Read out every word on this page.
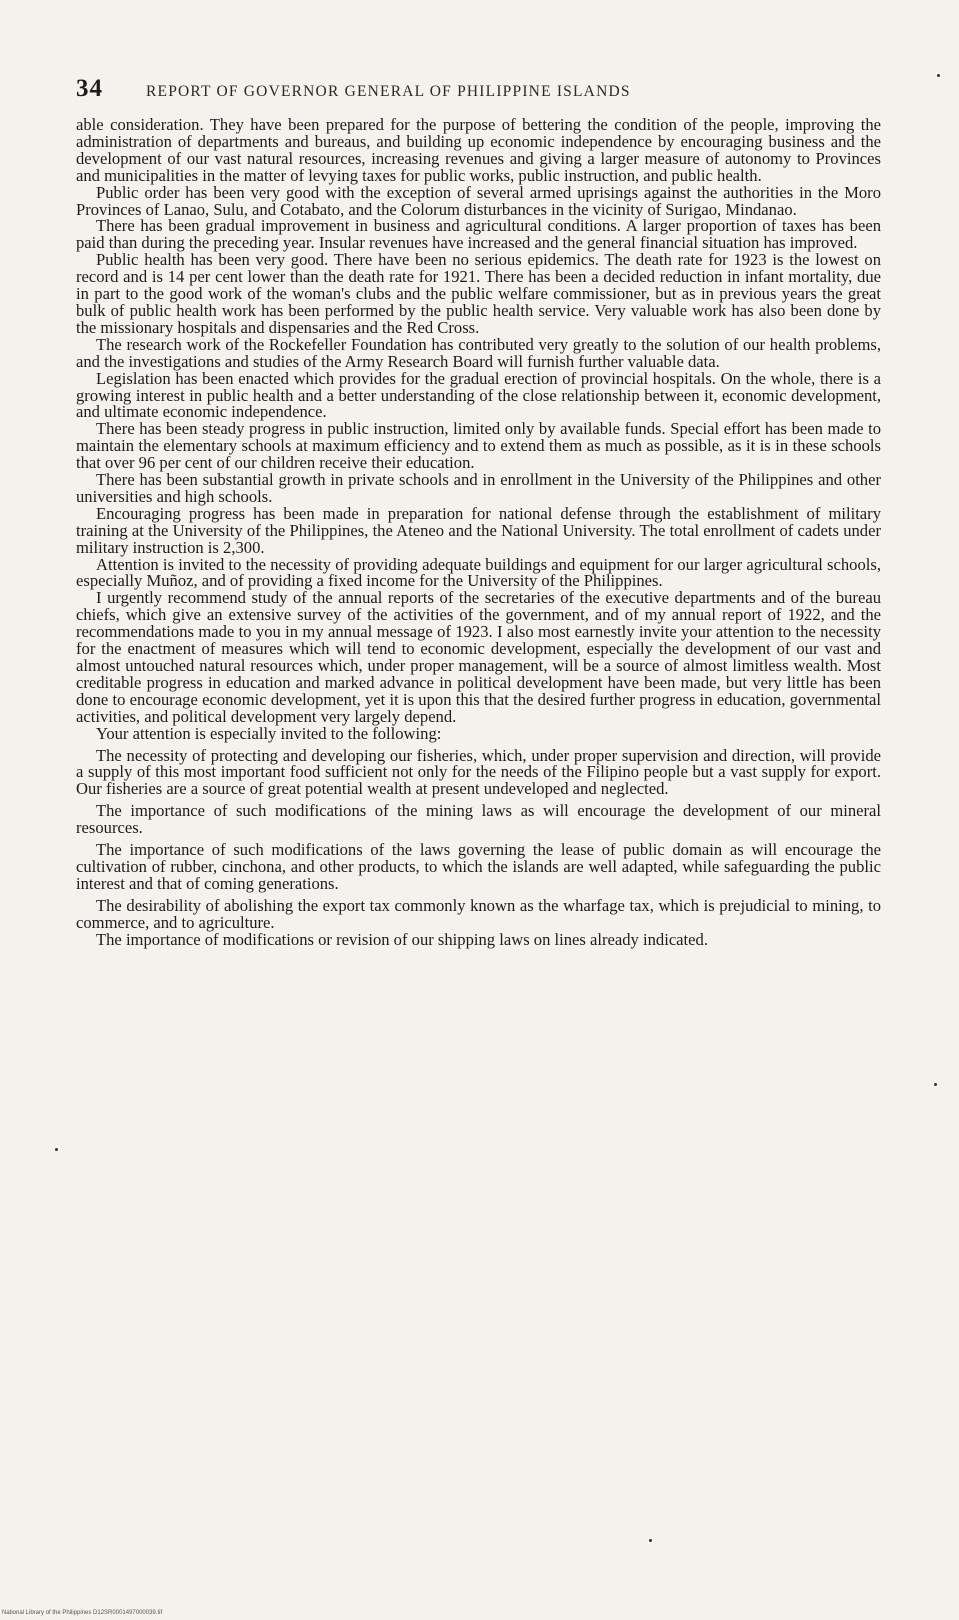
34	REPORT OF GOVERNOR GENERAL OF PHILIPPINE ISLANDS

able consideration. They have been prepared for the purpose of bettering the condition of the people, improving the administration of departments and bureaus, and building up economic independence by encouraging business and the development of our vast natural resources, increasing revenues and giving a larger measure of autonomy to Provinces and municipalities in the matter of levying taxes for public works, public instruction, and public health.

Public order has been very good with the exception of several armed uprisings against the authorities in the Moro Provinces of Lanao, Sulu, and Cotabato, and the Colorum disturbances in the vicinity of Surigao, Mindanao.

There has been gradual improvement in business and agricultural conditions. A larger proportion of taxes has been paid than during the preceding year. Insular revenues have increased and the general financial situation has improved.

Public health has been very good. There have been no serious epidemics. The death rate for 1923 is the lowest on record and is 14 per cent lower than the death rate for 1921. There has been a decided reduction in infant mortality, due in part to the good work of the woman's clubs and the public welfare commissioner, but as in previous years the great bulk of public health work has been performed by the public health service. Very valuable work has also been done by the missionary hospitals and dispensaries and the Red Cross.

The research work of the Rockefeller Foundation has contributed very greatly to the solution of our health problems, and the investigations and studies of the Army Research Board will furnish further valuable data.

Legislation has been enacted which provides for the gradual erection of provincial hospitals. On the whole, there is a growing interest in public health and a better understanding of the close relationship between it, economic development, and ultimate economic independence.

There has been steady progress in public instruction, limited only by available funds. Special effort has been made to maintain the elementary schools at maximum efficiency and to extend them as much as possible, as it is in these schools that over 96 per cent of our children receive their education.

There has been substantial growth in private schools and in enrollment in the University of the Philippines and other universities and high schools.

Encouraging progress has been made in preparation for national defense through the establishment of military training at the University of the Philippines, the Ateneo and the National University. The total enrollment of cadets under military instruction is 2,300.

Attention is invited to the necessity of providing adequate buildings and equipment for our larger agricultural schools, especially Muñoz, and of providing a fixed income for the University of the Philippines.

I urgently recommend study of the annual reports of the secretaries of the executive departments and of the bureau chiefs, which give an extensive survey of the activities of the government, and of my annual report of 1922, and the recommendations made to you in my annual message of 1923. I also most earnestly invite your attention to the necessity for the enactment of measures which will tend to economic development, especially the development of our vast and almost untouched natural resources which, under proper management, will be a source of almost limitless wealth. Most creditable progress in education and marked advance in political development have been made, but very little has been done to encourage economic development, yet it is upon this that the desired further progress in education, governmental activities, and political development very largely depend.

Your attention is especially invited to the following:

The necessity of protecting and developing our fisheries, which, under proper supervision and direction, will provide a supply of this most important food sufficient not only for the needs of the Filipino people but a vast supply for export. Our fisheries are a source of great potential wealth at present undeveloped and neglected.

The importance of such modifications of the mining laws as will encourage the development of our mineral resources.

The importance of such modifications of the laws governing the lease of public domain as will encourage the cultivation of rubber, cinchona, and other products, to which the islands are well adapted, while safeguarding the public interest and that of coming generations.

The desirability of abolishing the export tax commonly known as the wharfage tax, which is prejudicial to mining, to commerce, and to agriculture.

The importance of modifications or revision of our shipping laws on lines already indicated.

National Library of the Philippines D12SR0001497000039.tif
